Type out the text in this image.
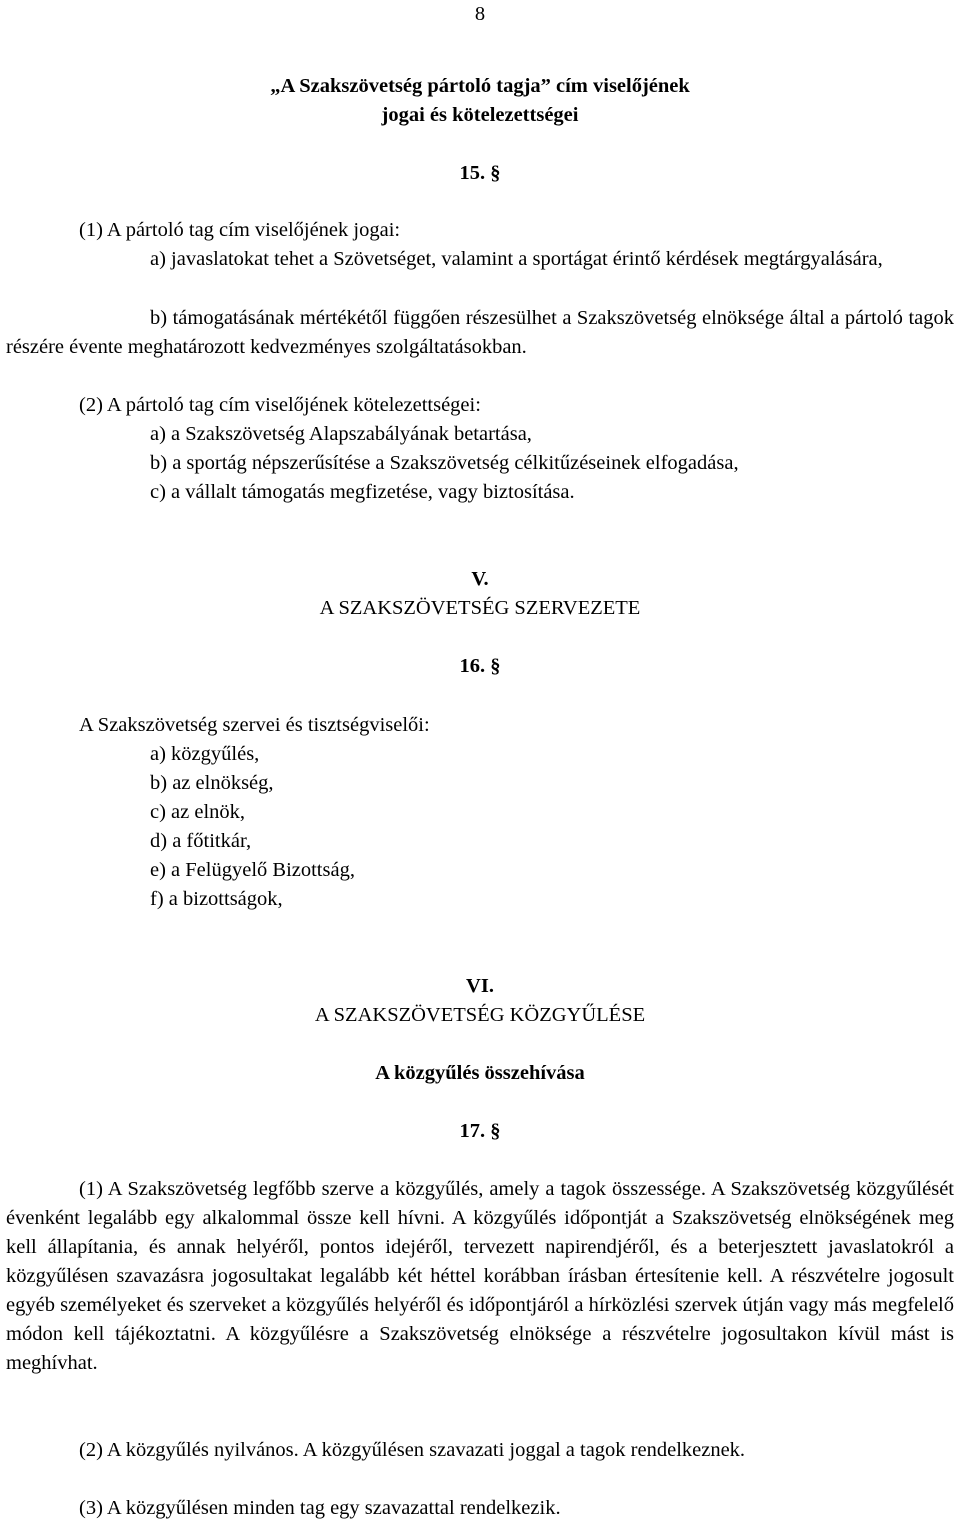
8
„A Szakszövetség pártoló tagja” cím viselőjének
jogai és kötelezettségei
15. §
(1) A pártoló tag cím viselőjének jogai:
a) javaslatokat tehet a Szövetséget, valamint a sportágat érintő kérdések megtárgyalására,
b) támogatásának mértékétől függően részesülhet a Szakszövetség elnöksége által a pártoló tagok részére évente meghatározott kedvezményes szolgáltatásokban.
(2) A pártoló tag cím viselőjének kötelezettségei:
a) a Szakszövetség Alapszabályának betartása,
b) a sportág népszerűsítése a Szakszövetség célkitűzéseinek elfogadása,
c) a vállalt támogatás megfizetése, vagy biztosítása.
V.
A SZAKSZÖVETSÉG SZERVEZETE
16. §
A Szakszövetség szervei és tisztségviselői:
a) közgyűlés,
b) az elnökség,
c) az elnök,
d) a főtitkár,
e) a Felügyelő Bizottság,
f) a bizottságok,
VI.
A SZAKSZÖVETSÉG KÖZGYŰLÉSE
A közgyűlés összehívása
17. §
(1) A Szakszövetség legfőbb szerve a közgyűlés, amely a tagok összessége. A Szakszövetség közgyűlését évenként legalább egy alkalommal össze kell hívni. A közgyűlés időpontját a Szakszövetség elnökségének meg kell állapítania, és annak helyéről, pontos idejéről, tervezett napirendjéről, és a beterjesztett javaslatokról a közgyűlésen szavazásra jogosultakat legalább két héttel korábban írásban értesítenie kell. A részvételre jogosult egyéb személyeket és szerveket a közgyűlés helyéről és időpontjáról a hírközlési szervek útján vagy más megfelelő módon kell tájékoztatni. A közgyűlésre a Szakszövetség elnöksége a részvételre jogosultakon kívül mást is meghívhat.
(2) A közgyűlés nyilvános. A közgyűlésen szavazati joggal a tagok rendelkeznek.
(3) A közgyűlésen minden tag egy szavazattal rendelkezik.
